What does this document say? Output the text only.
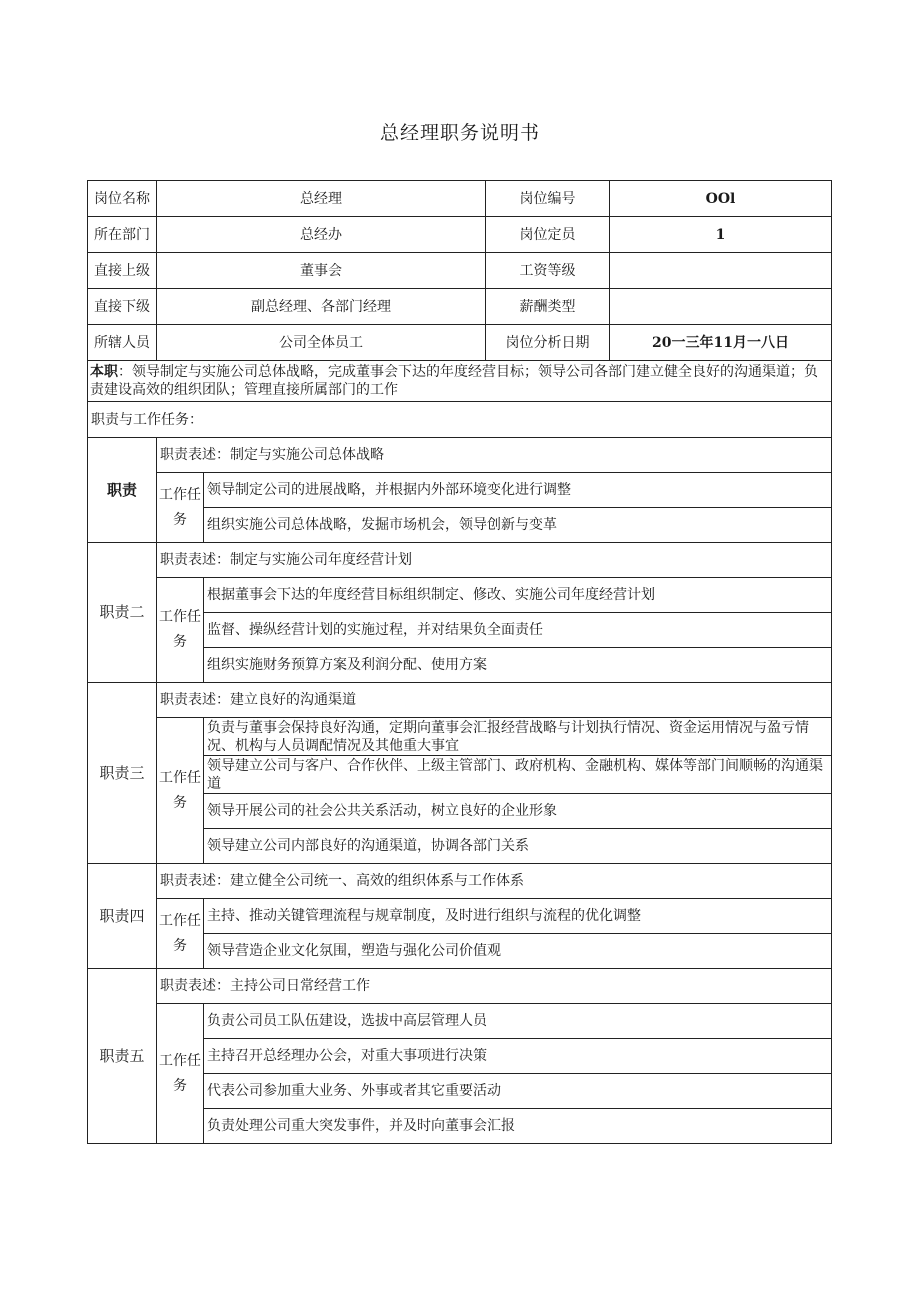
总经理职务说明书
岗位名称	总经理		岗位编号	OOl
所在部门	总经办		岗位定员	1
直接上级	董事会		工资等级	
直接下级	副总经理、各部门经理		薪酬类型	
所辖人员	公司全体员工		岗位分析日期	20一三年11月一八日
本职：领导制定与实施公司总体战略，完成董事会下达的年度经营目标；领导公司各部门建立健全良好的沟通渠道；负责建设高效的组织团队；管理直接所属部门的工作				
职责与工作任务：				
职责	职责表述：制定与实施公司总体战略			
	工作任务	领导制定公司的进展战略，并根据内外部环境变化进行调整		
		组织实施公司总体战略，发掘市场机会，领导创新与变革		
职责二	职责表述：制定与实施公司年度经营计划			
	工作任务	根据董事会下达的年度经营目标组织制定、修改、实施公司年度经营计划		
		监督、操纵经营计划的实施过程，并对结果负全面责任		
		组织实施财务预算方案及利润分配、使用方案		
职责三	职责表述：建立良好的沟通渠道			
	工作任务	负责与董事会保持良好沟通，定期向董事会汇报经营战略与计划执行情况、资金运用情况与盈亏情况、机构与人员调配情况及其他重大事宜		
		领导建立公司与客户、合作伙伴、上级主管部门、政府机构、金融机构、媒体等部门间顺畅的沟通渠道		
		领导开展公司的社会公共关系活动，树立良好的企业形象		
		领导建立公司内部良好的沟通渠道，协调各部门关系		
职责四	职责表述：建立健全公司统一、高效的组织体系与工作体系			
	工作任务	主持、推动关键管理流程与规章制度，及时进行组织与流程的优化调整		
		领导营造企业文化氛围，塑造与强化公司价值观		
职责五	职责表述：主持公司日常经营工作			
	工作任务	负责公司员工队伍建设，选拔中高层管理人员		
		主持召开总经理办公会，对重大事项进行决策		
		代表公司参加重大业务、外事或者其它重要活动		
		负责处理公司重大突发事件，并及时向董事会汇报		
